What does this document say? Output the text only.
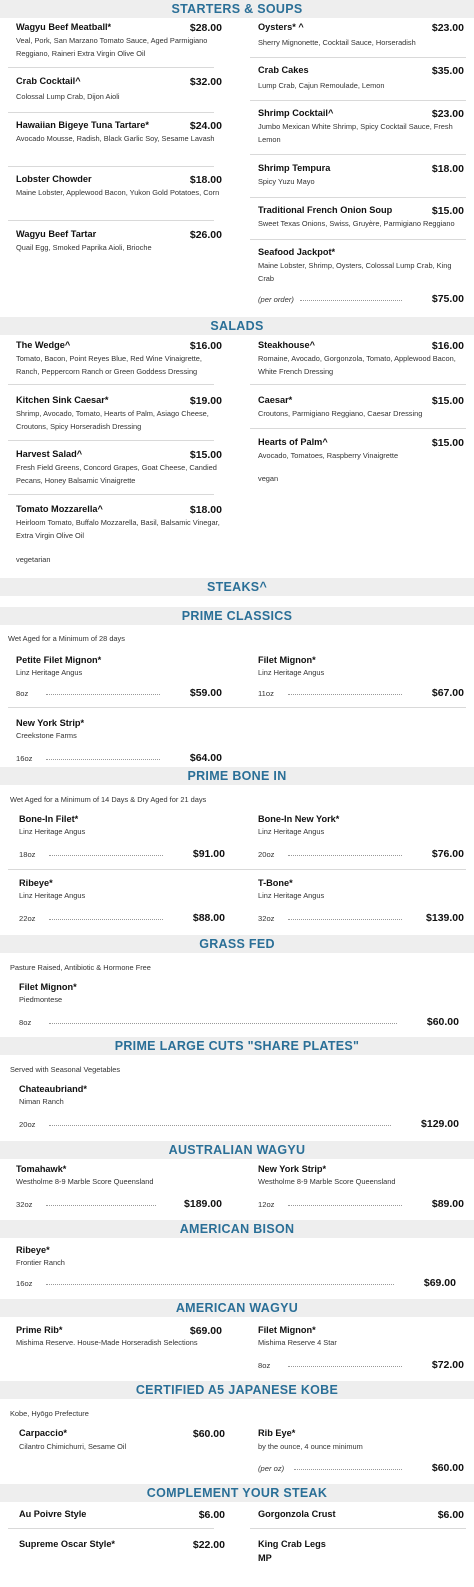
STARTERS & SOUPS
Wagyu Beef Meatball*	$28.00
Veal, Pork, San Marzano Tomato Sauce, Aged Parmigiano Reggiano, Raineri Extra Virgin Olive Oil
Crab Cocktail^	$32.00
Colossal Lump Crab, Dijon Aioli
Hawaiian Bigeye Tuna Tartare*	$24.00
Avocado Mousse, Radish, Black Garlic Soy, Sesame Lavash
Lobster Chowder	$18.00
Maine Lobster, Applewood Bacon, Yukon Gold Potatoes, Corn
Wagyu Beef Tartar	$26.00
Quail Egg, Smoked Paprika Aioli, Brioche
Oysters* ^	$23.00
Sherry Mignonette, Cocktail Sauce, Horseradish
Crab Cakes	$35.00
Lump Crab, Cajun Remoulade, Lemon
Shrimp Cocktail^	$23.00
Jumbo Mexican White Shrimp, Spicy Cocktail Sauce, Fresh Lemon
Shrimp Tempura	$18.00
Spicy Yuzu Mayo
Traditional French Onion Soup	$15.00
Sweet Texas Onions, Swiss, Gruyère, Parmigiano Reggiano
Seafood Jackpot*
Maine Lobster, Shrimp, Oysters, Colossal Lump Crab, King Crab
(per order)	$75.00
SALADS
The Wedge^	$16.00
Tomato, Bacon, Point Reyes Blue, Red Wine Vinaigrette, Ranch, Peppercorn Ranch or Green Goddess Dressing
Kitchen Sink Caesar*	$19.00
Shrimp, Avocado, Tomato, Hearts of Palm, Asiago Cheese, Croutons, Spicy Horseradish Dressing
Harvest Salad^	$15.00
Fresh Field Greens, Concord Grapes, Goat Cheese, Candied Pecans, Honey Balsamic Vinaigrette
Tomato Mozzarella^	$18.00
Heirloom Tomato, Buffalo Mozzarella, Basil, Balsamic Vinegar, Extra Virgin Olive Oil
vegetarian
Steakhouse^	$16.00
Romaine, Avocado, Gorgonzola, Tomato, Applewood Bacon, White French Dressing
Caesar*	$15.00
Croutons, Parmigiano Reggiano, Caesar Dressing
Hearts of Palm^	$15.00
Avocado, Tomatoes, Raspberry Vinaigrette
vegan
STEAKS^
PRIME CLASSICS
Wet Aged for a Minimum of 28 days
Petite Filet Mignon*
Linz Heritage Angus
8oz	$59.00
Filet Mignon*
Linz Heritage Angus
11oz	$67.00
New York Strip*
Creekstone Farms
16oz	$64.00
PRIME BONE IN
Wet Aged for a Minimum of 14 Days & Dry Aged for 21 days
Bone-In Filet*
Linz Heritage Angus
18oz	$91.00
Bone-In New York*
Linz Heritage Angus
20oz	$76.00
Ribeye*
Linz Heritage Angus
22oz	$88.00
T-Bone*
Linz Heritage Angus
32oz	$139.00
GRASS FED
Pasture Raised, Antibiotic & Hormone Free
Filet Mignon*
Piedmontese
8oz	$60.00
PRIME LARGE CUTS "SHARE PLATES"
Served with Seasonal Vegetables
Chateaubriand*
Niman Ranch
20oz	$129.00
AUSTRALIAN WAGYU
Tomahawk*
Westholme 8-9 Marble Score Queensland
32oz	$189.00
New York Strip*
Westholme 8-9 Marble Score Queensland
12oz	$89.00
AMERICAN BISON
Ribeye*
Frontier Ranch
16oz	$69.00
AMERICAN WAGYU
Prime Rib*	$69.00
Mishima Reserve. House-Made Horseradish Selections
Filet Mignon*
Mishima Reserve 4 Star
8oz	$72.00
CERTIFIED A5 JAPANESE KOBE
Kobe, Hyōgo Prefecture
Carpaccio*	$60.00
Cilantro Chimichurri, Sesame Oil
Rib Eye*
by the ounce, 4 ounce minimum
(per oz)	$60.00
COMPLEMENT YOUR STEAK
Au Poivre Style	$6.00
Supreme Oscar Style*	$22.00
Gorgonzola Crust	$6.00
King Crab Legs
MP
